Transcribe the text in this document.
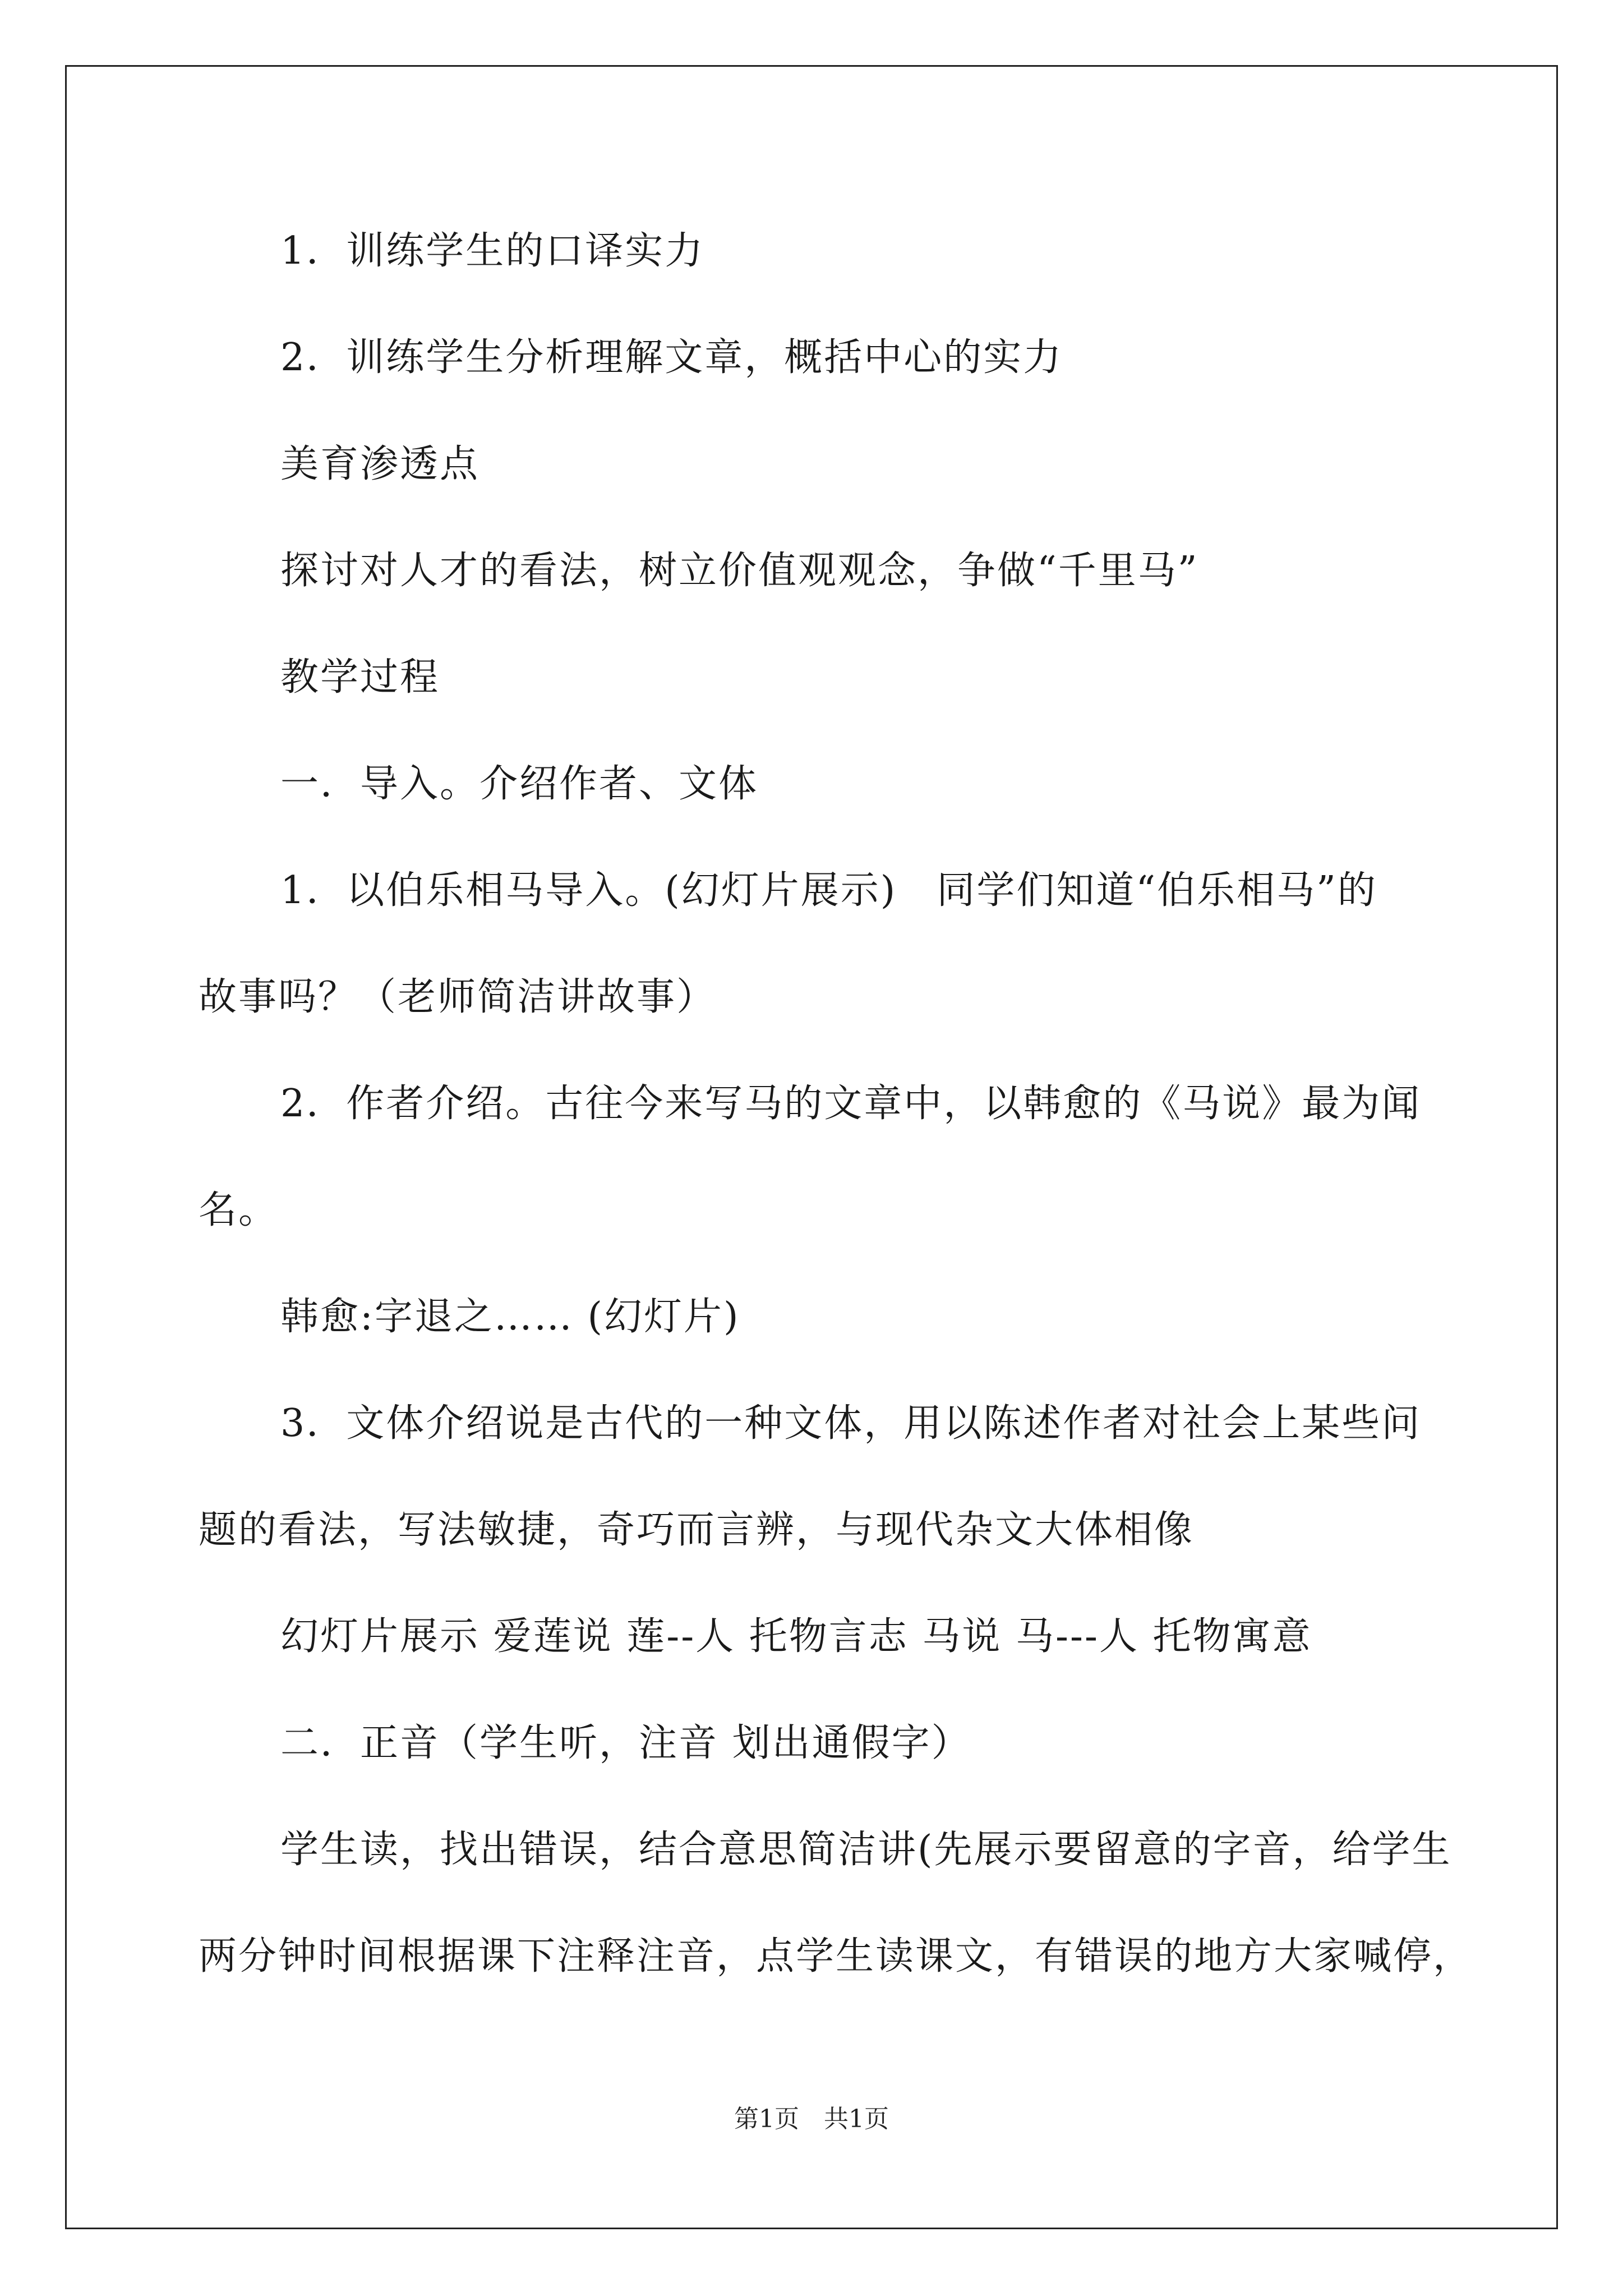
1．训练学生的口译实力
2．训练学生分析理解文章，概括中心的实力
美育渗透点
探讨对人才的看法，树立价值观观念，争做“千里马”
教学过程
一．导入。介绍作者、文体
1．以伯乐相马导入。(幻灯片展示)　同学们知道“伯乐相马”的
故事吗？（老师简洁讲故事）
2．作者介绍。古往今来写马的文章中，以韩愈的《马说》最为闻
名。
韩愈:字退之…… (幻灯片)
3．文体介绍说是古代的一种文体，用以陈述作者对社会上某些问
题的看法，写法敏捷，奇巧而言辨，与现代杂文大体相像
幻灯片展示 爱莲说 莲--人 托物言志 马说 马---人 托物寓意
二．正音（学生听，注音 划出通假字）
学生读，找出错误，结合意思简洁讲(先展示要留意的字音，给学生
两分钟时间根据课下注释注音，点学生读课文，有错误的地方大家喊停，
第1页　共1页
